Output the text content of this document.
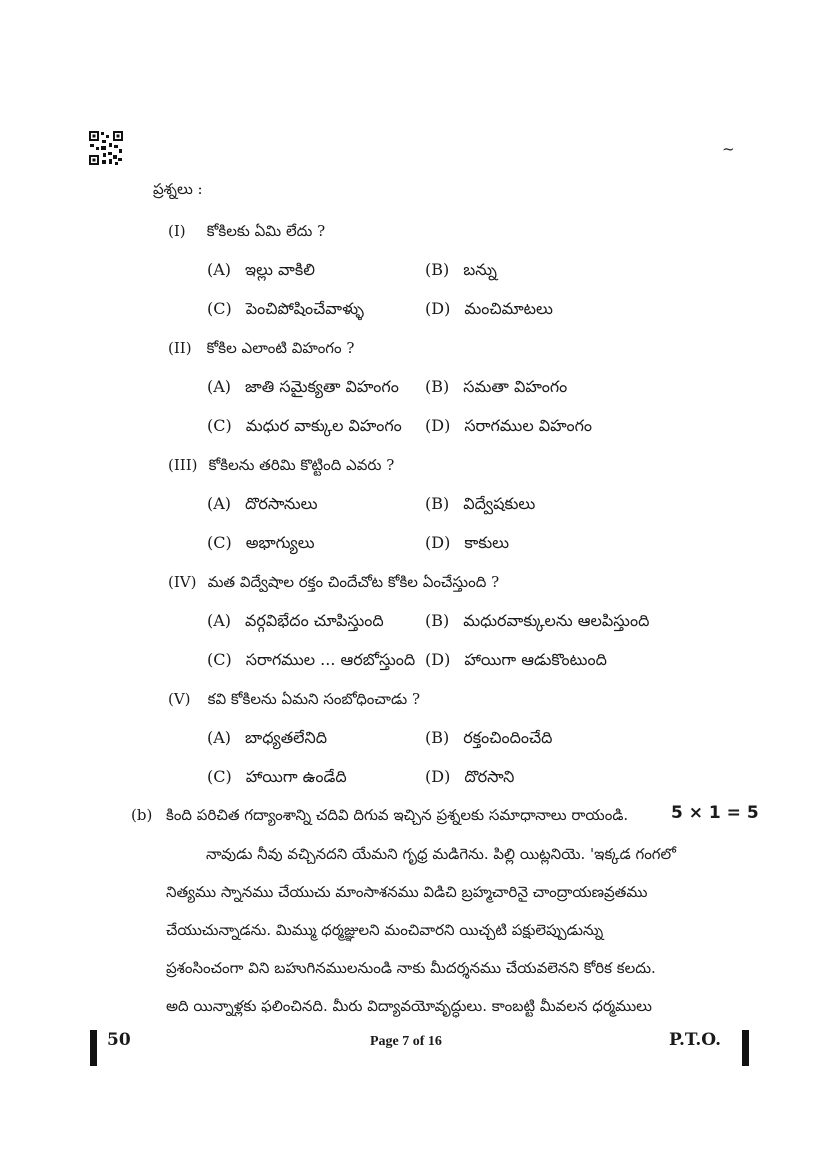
~
ప్రశ్నలు :
(I) కోకిలకు ఏమి లేదు ?
(A) ఇల్లు వాకిలి	(B) బన్ను
(C) పెంచిపోషించేవాళ్ళు	(D) మంచిమాటలు
(II) కోకిల ఎలాంటి విహంగం ?
(A) జాతి సమైక్యతా విహంగం (B) సమతా విహంగం
(C) మధుర వాక్కుల విహంగం (D) సరాగముల విహంగం
(III) కోకిలను తరిమి కొట్టింది ఎవరు ?
(A) దొరసానులు	(B) విద్వేషకులు
(C) అభాగ్యులు	(D) కాకులు
(IV) మత విద్వేషాల రక్తం చిందేచోట కోకిల ఏంచేస్తుంది ?
(A) వర్గవిభేదం చూపిస్తుంది	(B) మధురవాక్కులను ఆలపిస్తుంది
(C) సరాగముల ... ఆరబోస్తుంది (D) హాయిగా ఆడుకొంటుంది
(V) కవి కోకిలను ఏమని సంబోధించాడు ?
(A) బాధ్యతలేనిది	(B) రక్తంచిందించేది
(C) హాయిగా ఉండేది	(D) దొరసాని
(b) కింది పరిచిత గద్యాంశాన్ని చదివి దిగువ ఇచ్చిన ప్రశ్నలకు సమాధానాలు రాయండి.	5 × 1 = 5
నావుడు నీవు వచ్చినదని యేమని గృధ్ర మడిగెను. పిల్లి యిట్లనియె. 'ఇక్కడ గంగలో
నిత్యము స్నానము చేయుచు మాంసాశనము విడిచి బ్రహ్మచారినై చాంద్రాయణవ్రతము
చేయుచున్నాడను. మిమ్ము ధర్మజ్ఞులని మంచివారని యిచ్చటి పక్షులెప్పుడున్ను
ప్రశంసించంగా విని బహుగినములనుండి నాకు మీదర్శనము చేయవలెనని కోరిక కలదు.
అది యిన్నాళ్లకు ఫలించినది. మీరు విద్యావయోవృద్ధులు. కాంబట్టి మీవలన ధర్మములు
50	Page 7 of 16	P.T.O.
